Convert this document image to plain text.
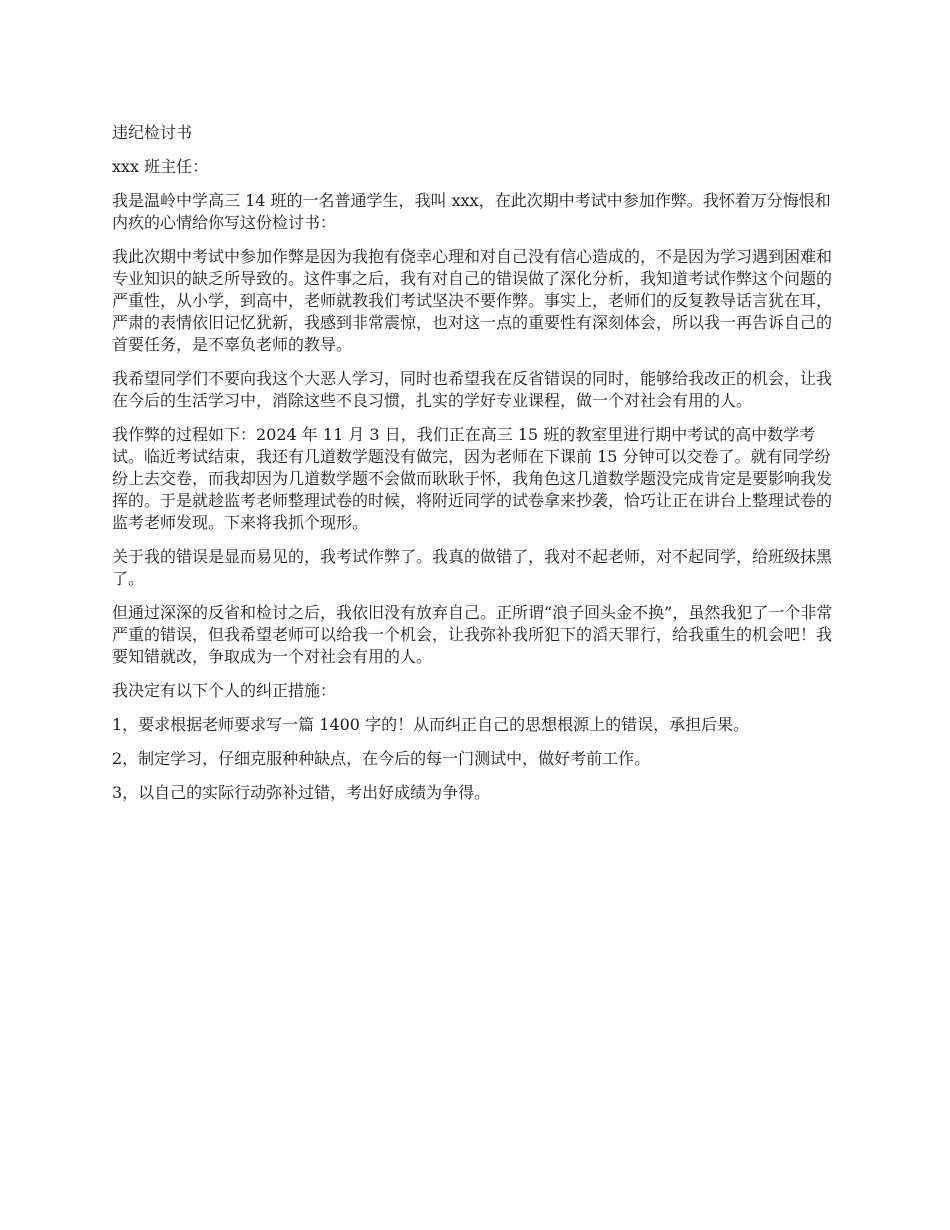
违纪检讨书

xxx 班主任：

我是温岭中学高三 14 班的一名普通学生，我叫 xxx，在此次期中考试中参加作弊。我怀着万分悔恨和内疚的心情给你写这份检讨书：

我此次期中考试中参加作弊是因为我抱有侥幸心理和对自己没有信心造成的，不是因为学习遇到困难和专业知识的缺乏所导致的。这件事之后，我有对自己的错误做了深化分析，我知道考试作弊这个问题的严重性，从小学，到高中，老师就教我们考试坚决不要作弊。事实上，老师们的反复教导话言犹在耳，严肃的表情依旧记忆犹新，我感到非常震惊，也对这一点的重要性有深刻体会，所以我一再告诉自己的首要任务，是不辜负老师的教导。

我希望同学们不要向我这个大恶人学习，同时也希望我在反省错误的同时，能够给我改正的机会，让我在今后的生活学习中，消除这些不良习惯，扎实的学好专业课程，做一个对社会有用的人。

我作弊的过程如下：2024 年 11 月 3 日，我们正在高三 15 班的教室里进行期中考试的高中数学考试。临近考试结束，我还有几道数学题没有做完，因为老师在下课前 15 分钟可以交卷了。就有同学纷纷上去交卷，而我却因为几道数学题不会做而耿耿于怀，我角色这几道数学题没完成肯定是要影响我发挥的。于是就趁监考老师整理试卷的时候，将附近同学的试卷拿来抄袭，恰巧让正在讲台上整理试卷的监考老师发现。下来将我抓个现形。

关于我的错误是显而易见的，我考试作弊了。我真的做错了，我对不起老师，对不起同学，给班级抹黑了。

但通过深深的反省和检讨之后，我依旧没有放弃自己。正所谓“浪子回头金不换”，虽然我犯了一个非常严重的错误，但我希望老师可以给我一个机会，让我弥补我所犯下的滔天罪行，给我重生的机会吧！我要知错就改，争取成为一个对社会有用的人。

我决定有以下个人的纠正措施：

1，要求根据老师要求写一篇 1400 字的！从而纠正自己的思想根源上的错误，承担后果。

2，制定学习，仔细克服种种缺点，在今后的每一门测试中，做好考前工作。

3，以自己的实际行动弥补过错，考出好成绩为争得。
